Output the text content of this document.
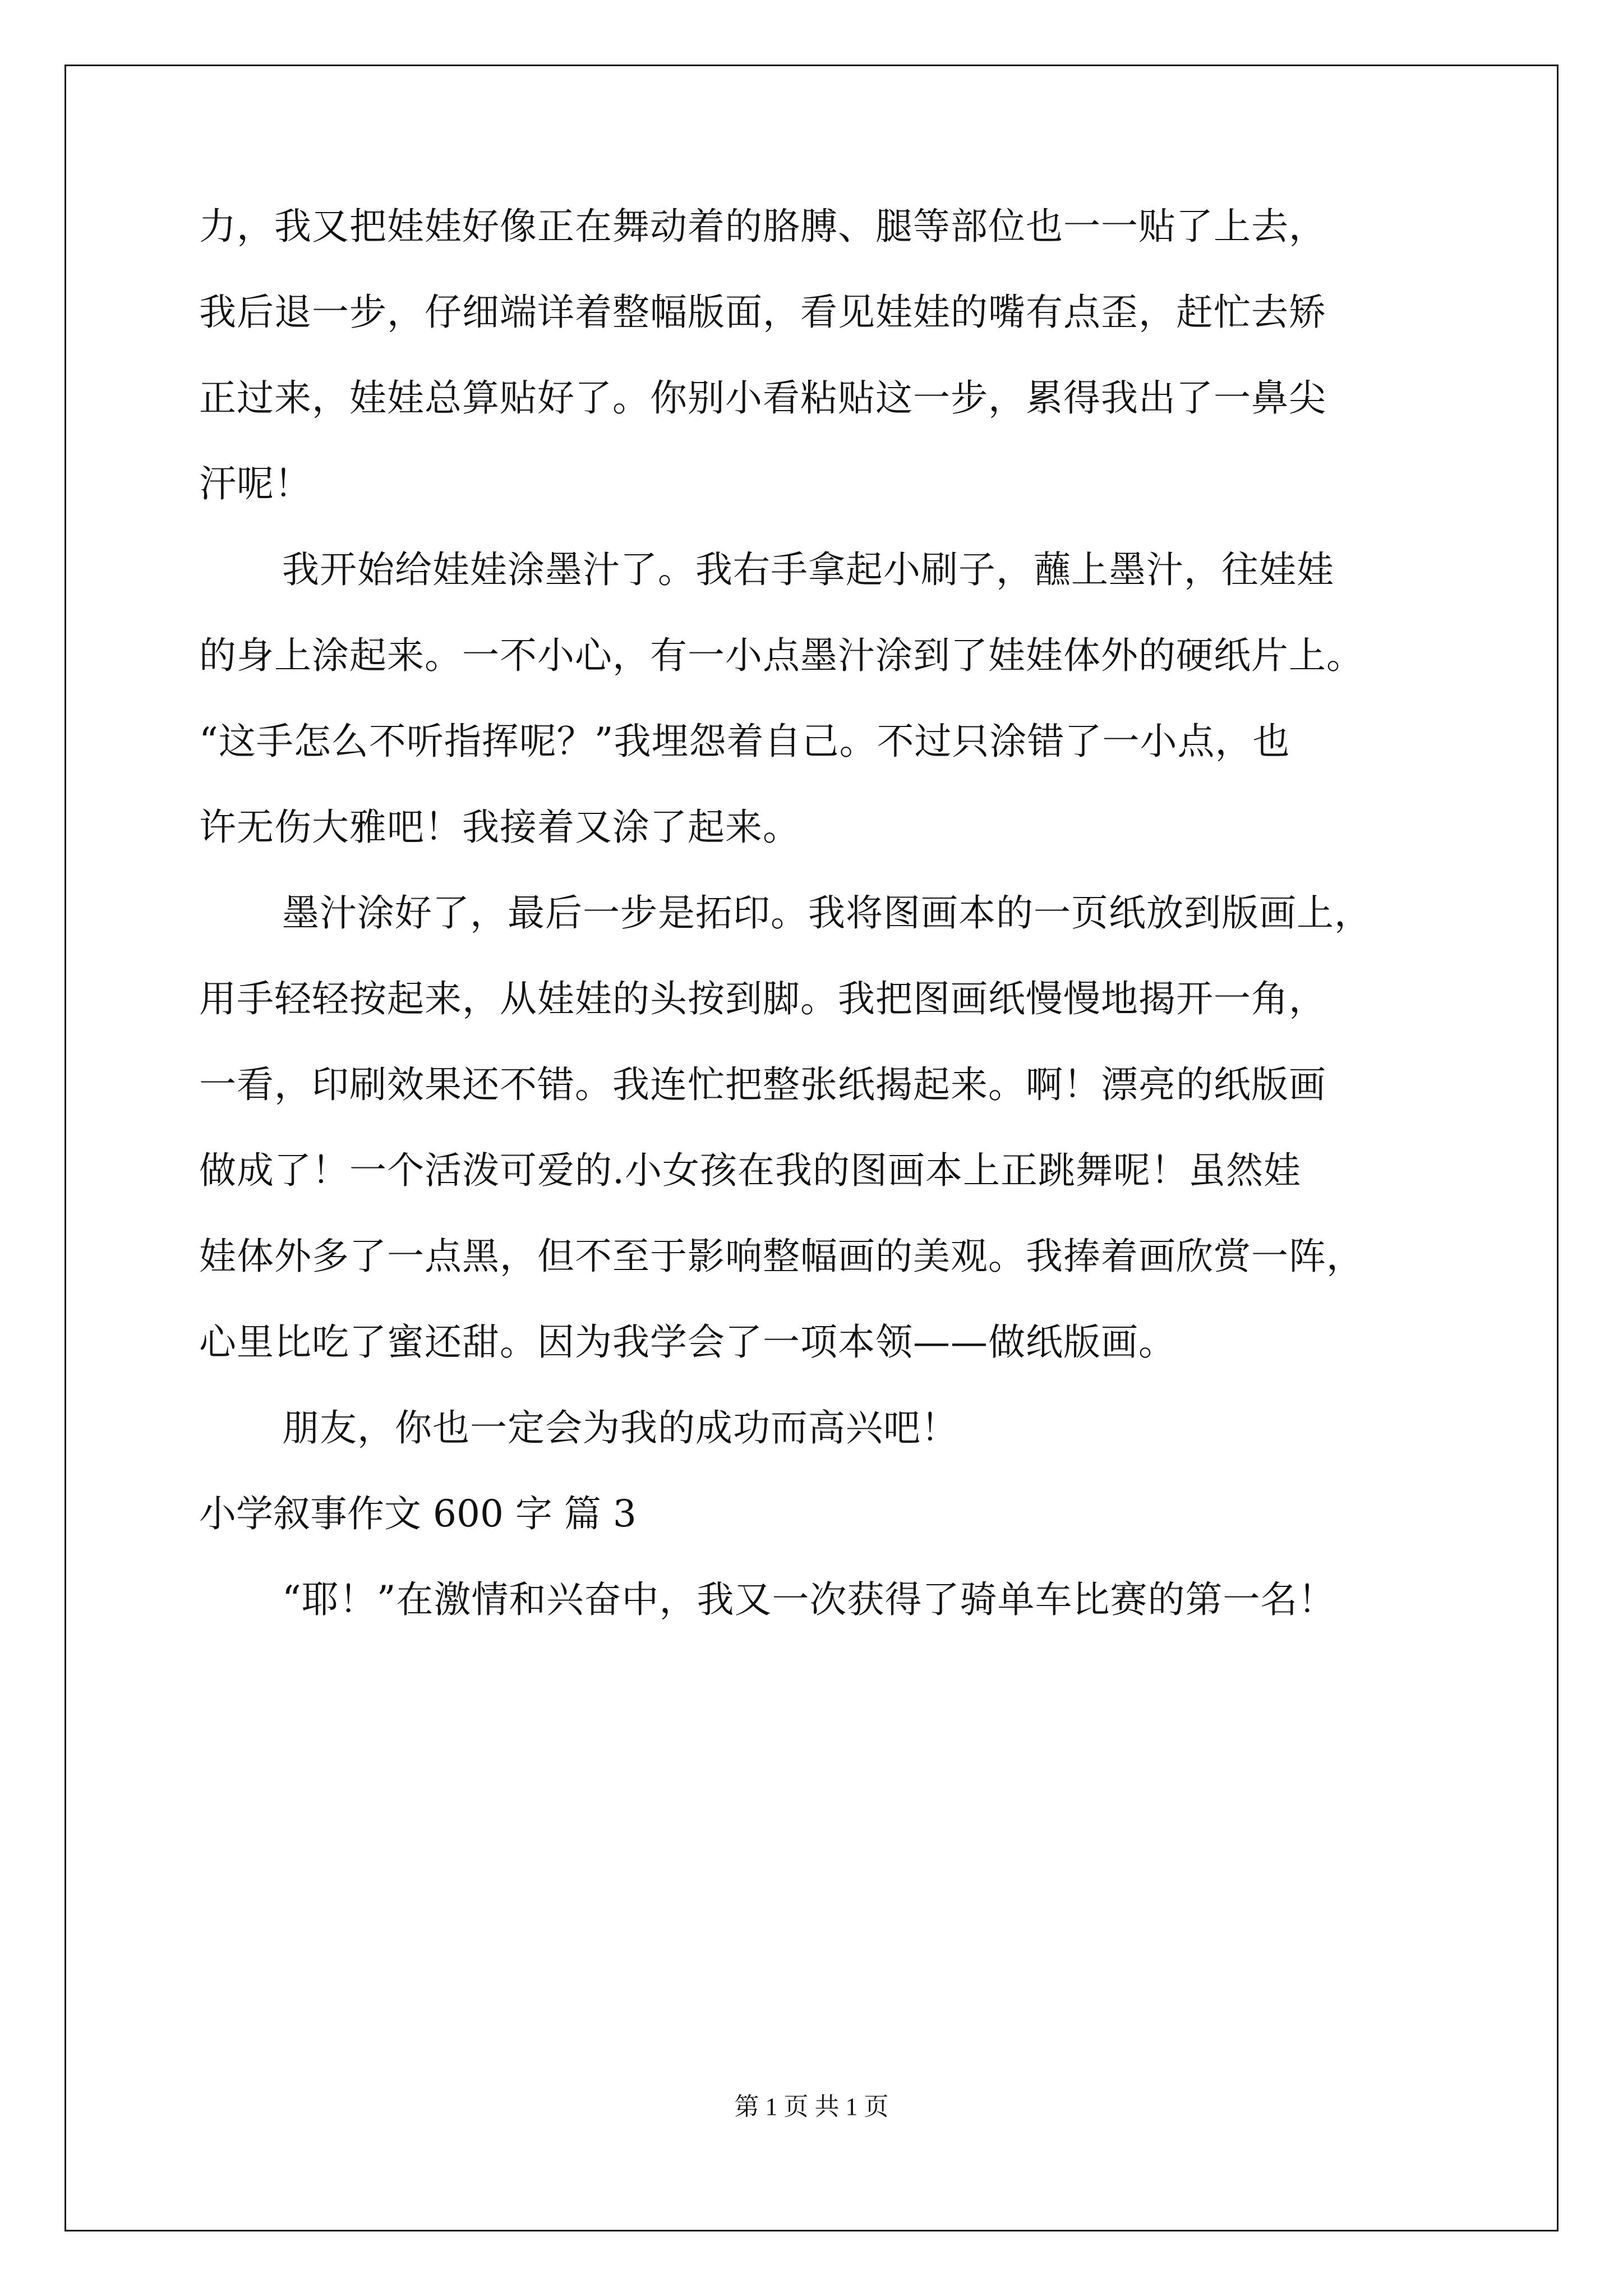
力，我又把娃娃好像正在舞动着的胳膊、腿等部位也一一贴了上去，
我后退一步，仔细端详着整幅版面，看见娃娃的嘴有点歪，赶忙去矫
正过来，娃娃总算贴好了。你别小看粘贴这一步，累得我出了一鼻尖
汗呢！
我开始给娃娃涂墨汁了。我右手拿起小刷子，蘸上墨汁，往娃娃
的身上涂起来。一不小心，有一小点墨汁涂到了娃娃体外的硬纸片上。
“这手怎么不听指挥呢？”我埋怨着自己。不过只涂错了一小点，也
许无伤大雅吧！我接着又涂了起来。
墨汁涂好了，最后一步是拓印。我将图画本的一页纸放到版画上，
用手轻轻按起来，从娃娃的头按到脚。我把图画纸慢慢地揭开一角，
一看，印刷效果还不错。我连忙把整张纸揭起来。啊！漂亮的纸版画
做成了！一个活泼可爱的.小女孩在我的图画本上正跳舞呢！虽然娃
娃体外多了一点黑，但不至于影响整幅画的美观。我捧着画欣赏一阵，
心里比吃了蜜还甜。因为我学会了一项本领——做纸版画。
朋友，你也一定会为我的成功而高兴吧！
小学叙事作文 600 字 篇 3
“耶！”在激情和兴奋中，我又一次获得了骑单车比赛的第一名！
第 1 页 共 1 页
